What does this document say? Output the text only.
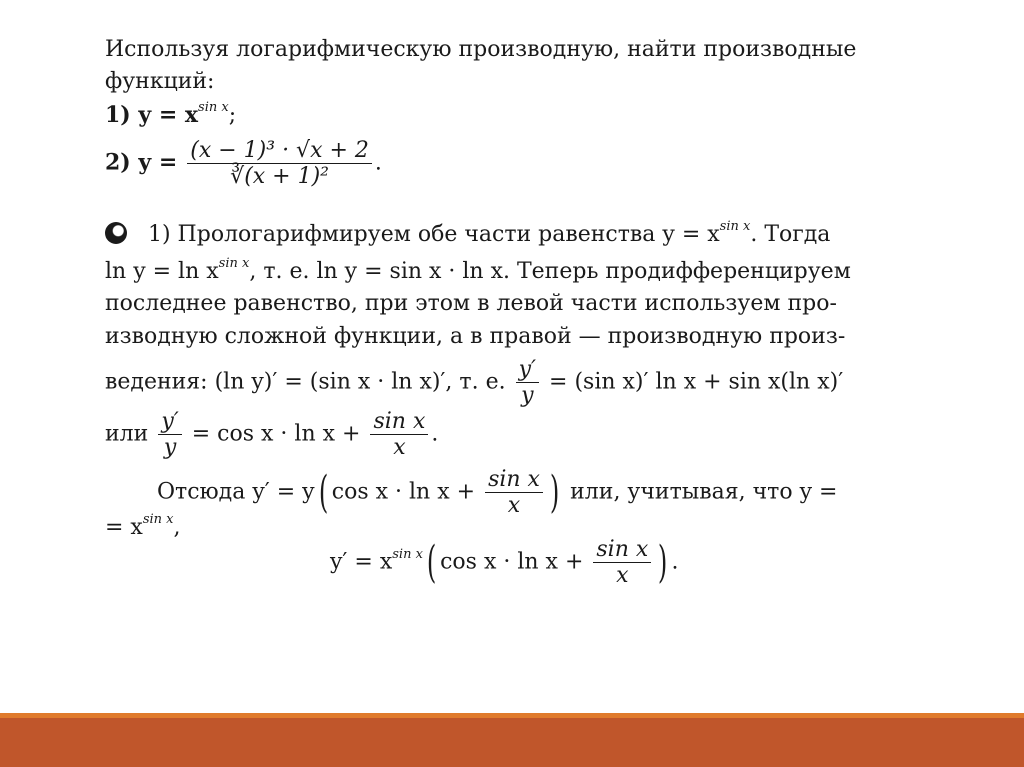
Используя логарифмическую производную, найти производные
функций:
1) $y = x^{sin x}$;
2) $y = \frac{\text{(x − 1)³ · √x + 2}}{\text{∛(x + 1)²}}$ .
1) Прологарифмируем обе части равенства $y = x^{sin x}$. Тогда
$\ln y = \ln x^{sin x}$, т. е. ln y = sin x · ln x. Теперь продифференцируем
последнее равенство, при этом в левой части используем про-
изводную сложной функции, а в правой — производную произ-
ведения: (ln y)′ = (sin x · ln x)′, т. е. $\frac{y'}{y} = (\sin$ x)′ ln x + sin x(ln x)′
или $\frac{y'}{y} = \cos x \cdot \ln x + \frac{\text{sin x}}{x}$ .
Отсюда y′ = y( $\cos x \cdot \ln x + \frac{\text{sin x}}{x}$ ) или, учитывая, что y =
= $x^{sin x}$,
$y' = x^{sin x}$( $\cos x \cdot \ln x + \frac{\text{sin x}}{x}$ ) .
